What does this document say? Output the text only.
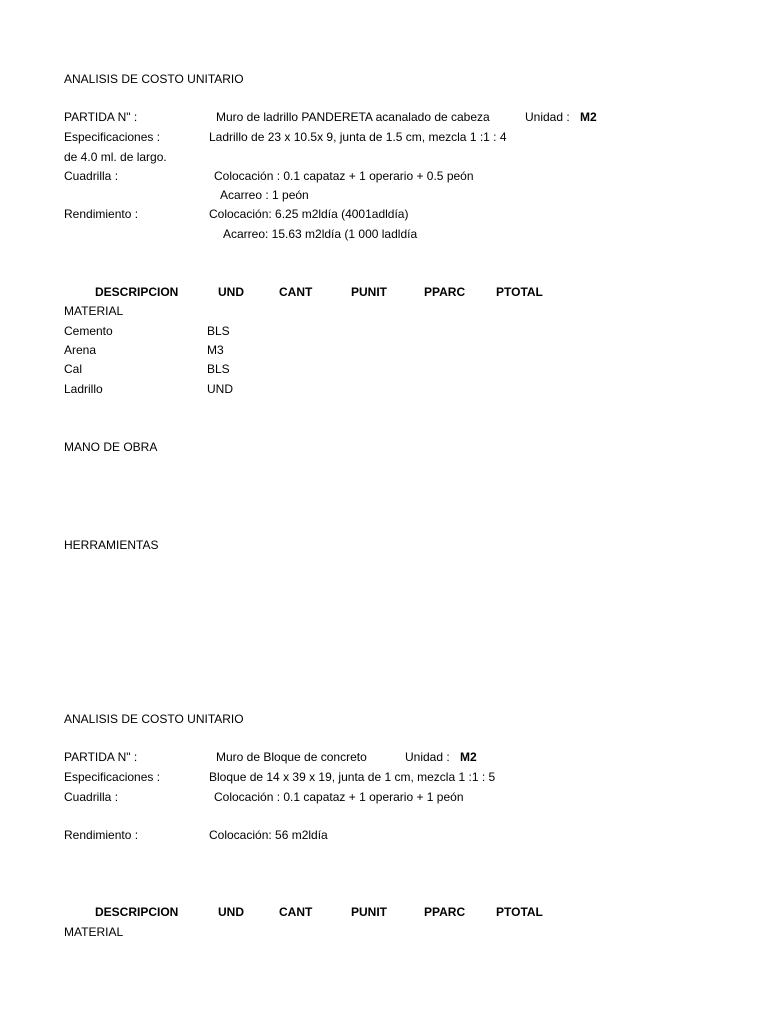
ANALISIS DE COSTO UNITARIO
PARTIDA N" :	Muro de ladrillo PANDERETA acanalado de cabeza	Unidad : M2
Especificaciones :	Ladrillo de 23 x 10.5x 9, junta de 1.5 cm, mezcla 1 :1 : 4
de 4.0 ml. de largo.
Cuadrilla :	Colocación : 0.1 capataz + 1 operario + 0.5 peón
Acarreo : 1 peón
Rendimiento :	Colocación: 6.25 m2ldía (4001adldía)
Acarreo: 15.63 m2ldía (1 000 ladldía
DESCRIPCION	UND	CANT	PUNIT	PPARC	PTOTAL
MATERIAL
Cemento	BLS
Arena	M3
Cal	BLS
Ladrillo	UND
MANO DE OBRA
HERRAMIENTAS
ANALISIS DE COSTO UNITARIO
PARTIDA N" :	Muro de Bloque de concreto	Unidad : M2
Especificaciones :	Bloque de 14 x 39 x 19, junta de 1 cm, mezcla 1 :1 : 5
Cuadrilla :	Colocación : 0.1 capataz + 1 operario + 1 peón
Rendimiento :	Colocación: 56 m2ldía
DESCRIPCION	UND	CANT	PUNIT	PPARC	PTOTAL
MATERIAL
